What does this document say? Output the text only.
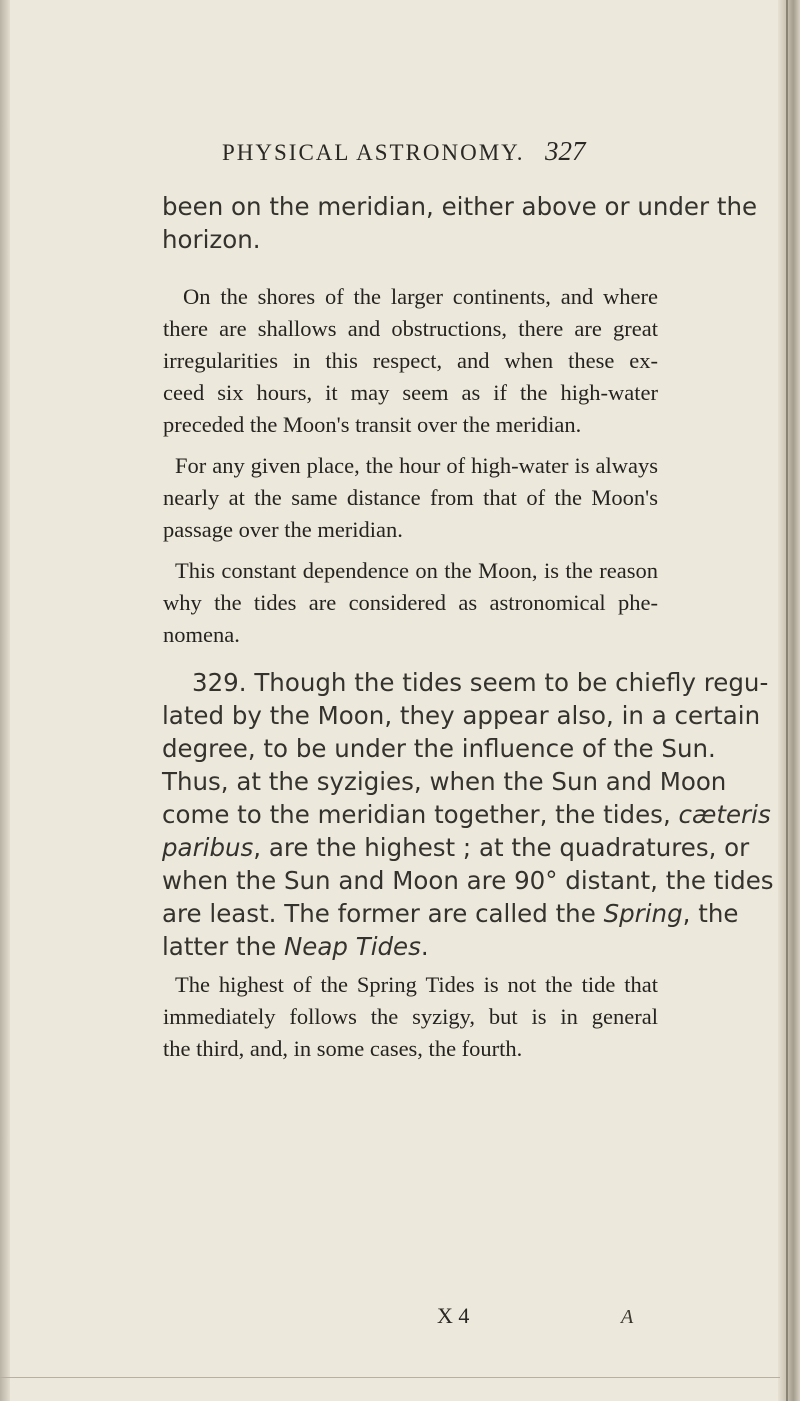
PHYSICAL ASTRONOMY. 327
been on the meridian, either above or under the
horizon.
On the shores of the larger continents, and where
there are shallows and obstructions, there are great
irregularities in this respect, and when these ex-
ceed six hours, it may seem as if the high-water
preceded the Moon's transit over the meridian.
For any given place, the hour of high-water is always
nearly at the same distance from that of the Moon's
passage over the meridian.
This constant dependence on the Moon, is the reason
why the tides are considered as astronomical phe-
nomena.
329. Though the tides seem to be chiefly regu-
lated by the Moon, they appear also, in a certain
degree, to be under the influence of the Sun.
Thus, at the syzigies, when the Sun and Moon
come to the meridian together, the tides, cæteris
paribus, are the highest ; at the quadratures, or
when the Sun and Moon are 90° distant, the tides
are least. The former are called the Spring, the
latter the Neap Tides.
The highest of the Spring Tides is not the tide that
immediately follows the syzigy, but is in general
the third, and, in some cases, the fourth.
X 4	A
